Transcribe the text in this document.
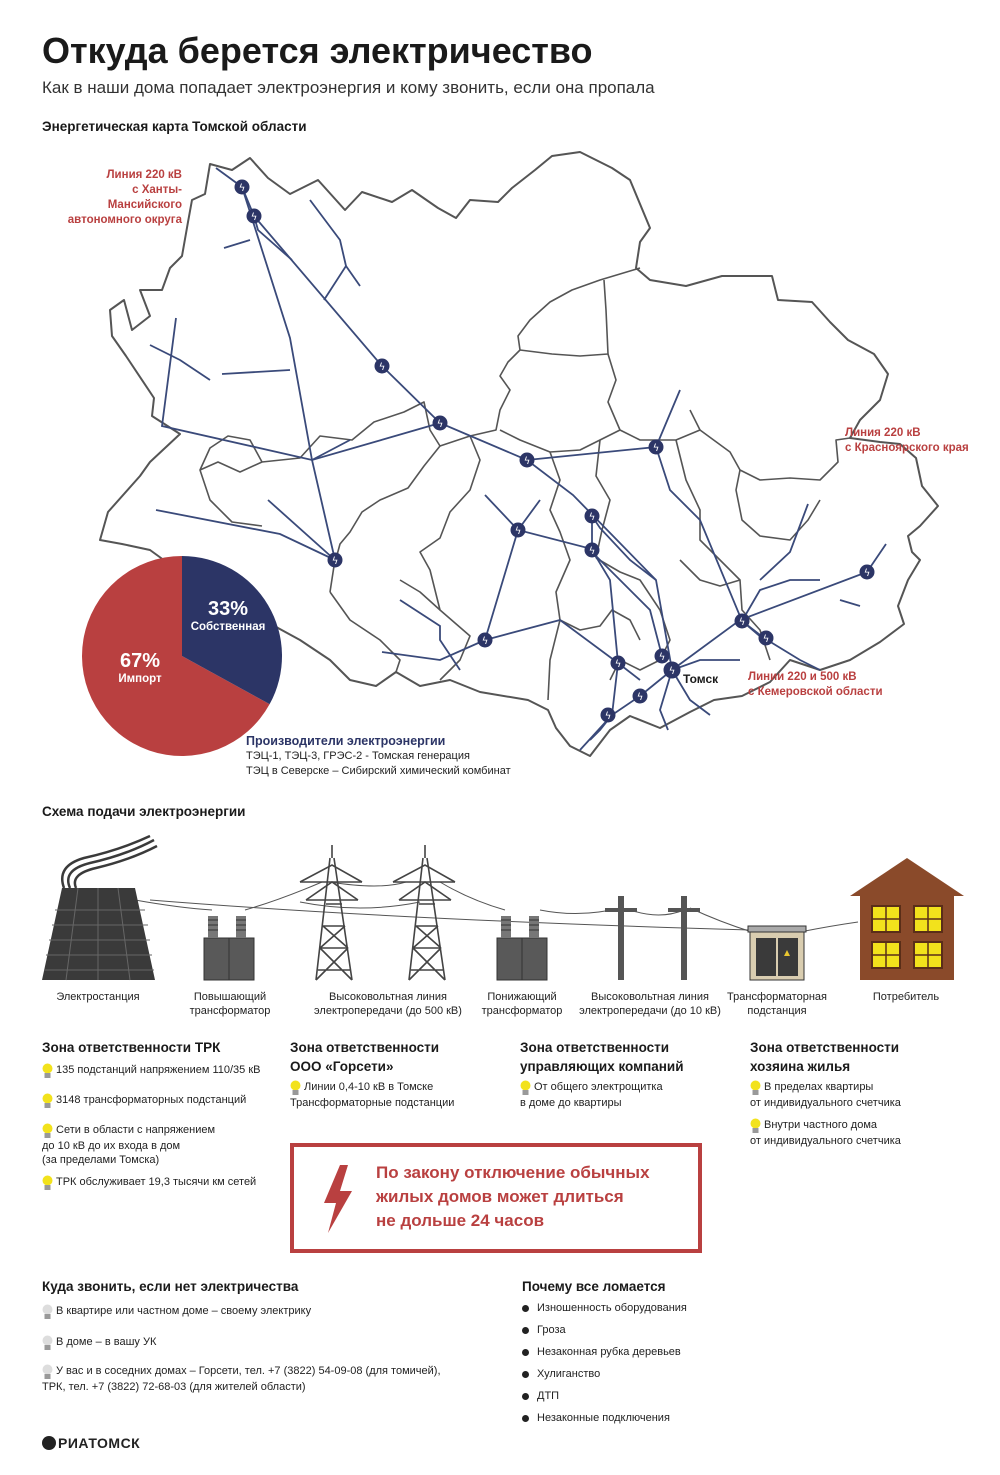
Откуда берется электричество
Как в наши дома попадает электроэнергия и кому звонить, если она пропала
Энергетическая карта Томской области
ϟ
ϟ
ϟ
ϟ
ϟ
ϟ
ϟ
ϟ
ϟ
ϟ
ϟ
ϟ
ϟ
ϟ
ϟ
ϟ
ϟ
ϟ
ϟ
Линия 220 кВ
с Ханты-Мансийского
автономного округа
Линия 220 кВ
с Красноярского края
Линии 220 и 500 кВ
с Кемеровской области
Томск
33%
Собственная
67%
Импорт
Производители электроэнергии
ТЭЦ-1, ТЭЦ-3, ГРЭС-2 - Томская генерация
ТЭЦ в Северске – Сибирский химический комбинат
Схема подачи электроэнергии
Электростанция	Повышающий
трансформатор
Высоковольтная линия
электропередачи (до 500 кВ)
Понижающий
трансформатор
Высоковольтная линия
электропередачи (до 10 кВ)
Трансформаторная
подстанция
Потребитель
Зона ответственности ТРК
135 подстанций напряжением 110/35 кВ
3148 трансформаторных подстанций
Сети в области с напряжением
до 10 кВ до их входа в дом
(за пределами Томска)
ТРК обслуживает 19,3 тысячи км сетей
Зона ответственности
ООО «Горсети»
Линии 0,4-10 кВ в Томске
Трансформаторные подстанции
Зона ответственности
управляющих компаний
От общего электрощитка
в доме до квартиры
Зона ответственности
хозяина жилья
В пределах квартиры
от индивидуального счетчика
Внутри частного дома
от индивидуального счетчика
По закону отключение обычных
жилых домов может длиться
не дольше 24 часов
Куда звонить, если нет электричества
В квартире или частном доме – своему электрику
В доме – в вашу УК
У вас и в соседних домах – Горсети, тел. +7 (3822) 54-09-08 (для томичей),
ТРК, тел. +7 (3822) 72-68-03 (для жителей области)
Почему все ломается
Изношенность оборудования
Гроза
Незаконная рубка деревьев
Хулиганство
ДТП
Незаконные подключения
РИАТОМСК
